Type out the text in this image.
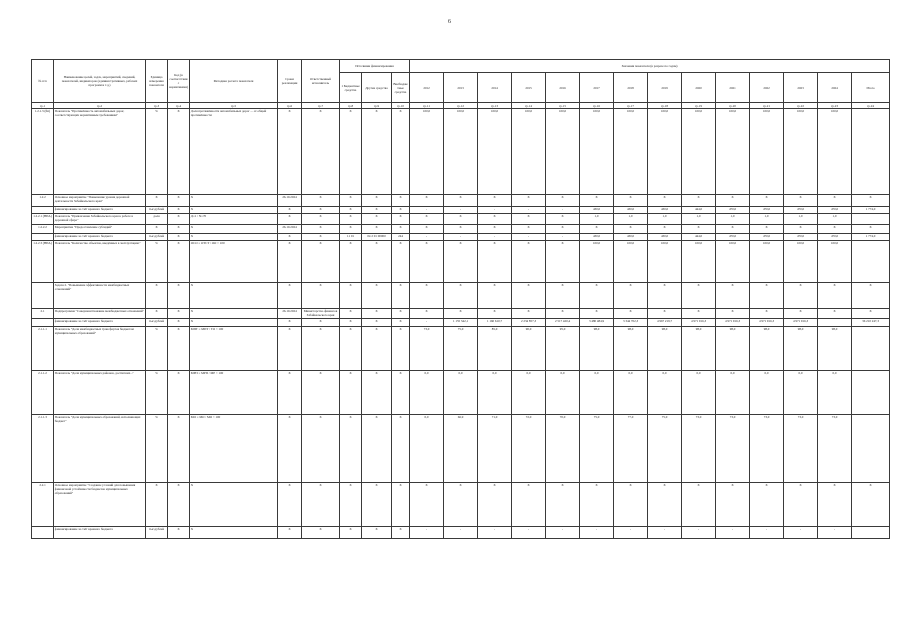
6
№ п/п	Наименование целей, задач, мероприятий, сведений, показателей, индикаторов (административных, рабочих программ и т.д.)	Единица измерения показателя	Код (в соответствии с нормативами)	Методика расчета показателя	Сроки реализации	Ответственный исполнитель	Источники финансирования			Значения показателя (в разрезе по годам)													
							1 Бюджетные средства	Другие средства	Внебюджетные средства	2012	2013	2014	2015	2016	2017	2018	2019	2020	2021	2022	2023	2024	Итого
гр.1	гр.2	гр.3	гр.4	гр.5	гр.6	гр.7	гр.8	гр.9	гр.10	гр.11	гр.12	гр.13	гр.14	гр.15	гр.16	гр.17	гр.18	гр.19	гр.20	гр.21	гр.22	гр.23	гр.24
1.2.1.3 (fin)	Показатель "Протяжённость автомобильных дорог, соответствующих нормативным требованиям"	%	X	Доля протяжённости автомобильных дорог ... от общей протяжённости	X	X	X	X	X	100,0	100,0	100,0	100,0	100,0	100,0	100,0	100,0	100,0	100,0	100,0	100,0	100,0	
1.2.2	Основное мероприятие "Повышение уровня дорожной деятельности Забайкальского края"	X	X	X	26.10.2024	X	X	X	X	X	X	X	X	X	X	X	X	X	X	X	X	X	X
	финансирование за счёт краевого бюджета	тыс.рублей	X	X	X	X	X	X	X	-	-	-	-	-	430,0	430,0	430,0	444,0	470,0	470,0	470,0	470,0	1 774,0
1.2.2.1 (НПА)	Показатель "Привлечение Забайкальского края к работе в дорожной сфере"	доля	X	Д=1 / N=70	X	X	X	X	X	X	X	X	X	X	1,0	1,0	1,0	1,0	1,0	1,0	1,0	1,0	
1.2.2.2	Мероприятие "Предоставление субсидий"	X	X	X	26.10.2024	X	X	X	X	X	X	X	X	X	X	X	X	X	X	X	X	X	X
	финансирование за счёт краевого бюджета	тыс.рублей	X	X	X	X	11 01	04 2 01 00000	244	-	-	-	-	-	430,0	430,0	430,0	444,0	470,0	470,0	470,0	470,0	1 774,0
1.2.2.3 (НПА)	Показатель "Количество объектов, введённых в эксплуатацию"	%	X	ОСО = ОТСТ / ОО × 100	X	X	X	X	X	X	X	X	X	X	100,0	100,0	100,0	100,0	100,0	100,0	100,0	100,0	
	Задача 2. "Повышение эффективности межбюджетных отношений"	X	X	X	X	X	X	X	X	X	X	X	X	X	X	X	X	X	X	X	X	X	X
2.1	Подпрограмма "Совершенствование межбюджетных отношений"	X	X	X	26.10.2024	Министерство финансов Забайкальского края	X	X	X	X	X	X	X	X	X	X	X	X	X	X	X	X	X
	финансирование за счёт краевого бюджета	тыс.рублей	X	X	X	X	X	X	X	-	1 155 342,1	1 160 610,7	2 234 857,3	2 517 420,4	3 480 484,9	3 344 702,3	4 967 219,7	4 971 916,3	4 971 916,3	4 971 916,3	4 971 916,3		36 210 247,3
2.1.1.1	Показатель "Доля межбюджетных трансфертов бюджетам муниципальных образований"	%	X	МПТ = МПТ / ТО × 100	X	X	X	X	X	73,0	75,0	85,0	90,0	95,0	98,0	98,0	98,0	98,0	98,0	98,0	98,0	98,0	
2.1.1.2	Показатель "Доля муниципальных районов, достигших..."	%	X	МРП = МРП / МР × 100	X	X	X	X	X	0,0	0,0	0,0	0,0	0,0	0,0	0,0	0,0	0,0	0,0	0,0	0,0	0,0	
2.1.1.3	Показатель "Доля муниципальных образований, исполняющих бюджет"	%	X	МО = МО / МО × 100	X	X	X	X	X	0,0	66,9	71,0	72,0	70,0	75,0	77,0	75,0	73,0	73,0	73,0	73,0	73,0	
2.2.1	Основное мероприятие "Создание условий для повышения финансовой устойчивости бюджетов муниципальных образований"	X	X	X	X	X	X	X	X	X	X	X	X	X	X	X	X	X	X	X	X	X	X
	финансирование за счёт краевого бюджета	тыс.рублей	X	X	X	X	X	X	X	-	-	-	-	-	-	-	-	-	-	-	-	-	
